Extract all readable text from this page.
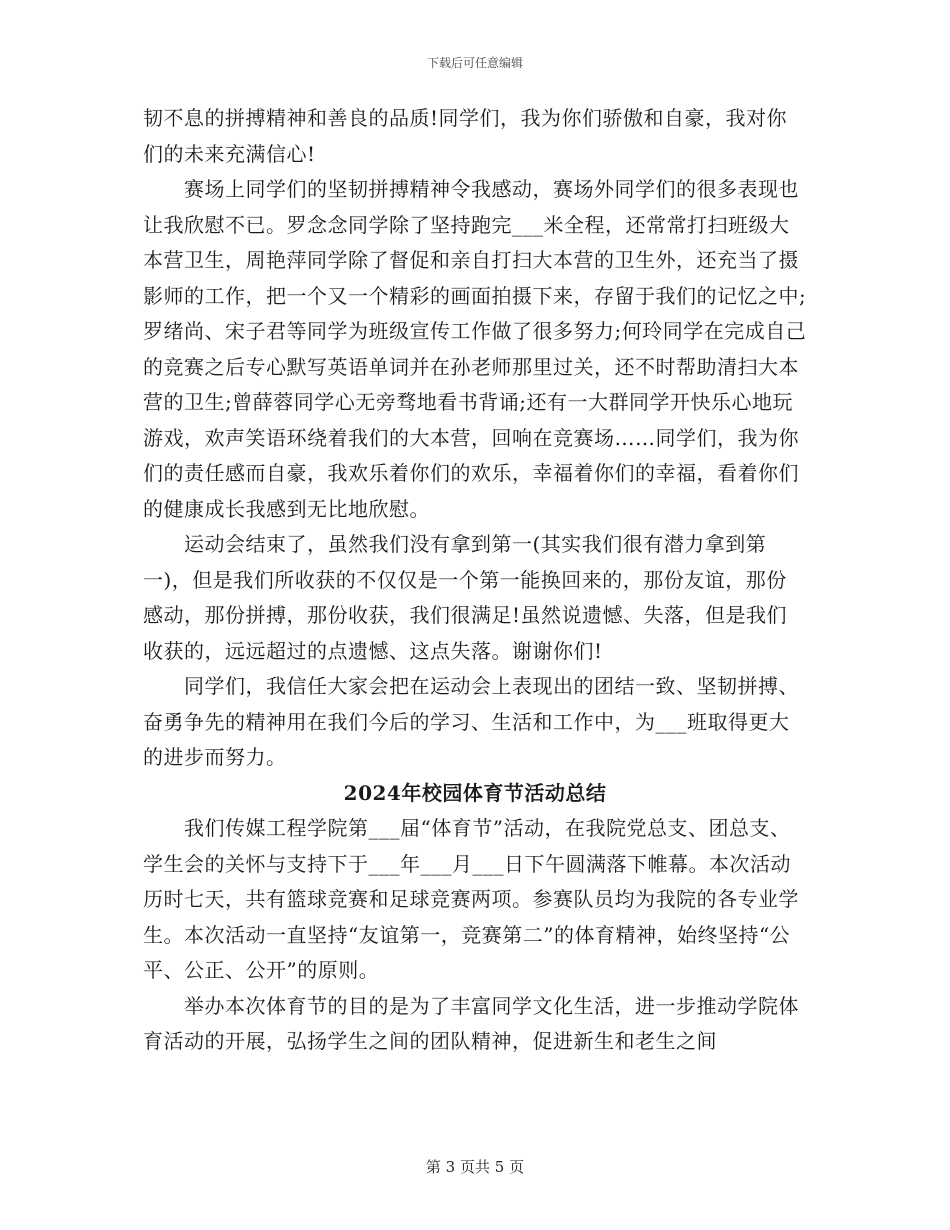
下载后可任意编辑

韧不息的拼搏精神和善良的品质!同学们，我为你们骄傲和自豪，我对你们的未来充满信心!

赛场上同学们的坚韧拼搏精神令我感动，赛场外同学们的很多表现也让我欣慰不已。罗念念同学除了坚持跑完___米全程，还常常打扫班级大本营卫生，周艳萍同学除了督促和亲自打扫大本营的卫生外，还充当了摄影师的工作，把一个又一个精彩的画面拍摄下来，存留于我们的记忆之中;罗绪尚、宋子君等同学为班级宣传工作做了很多努力;何玲同学在完成自己的竞赛之后专心默写英语单词并在孙老师那里过关，还不时帮助清扫大本营的卫生;曾薛蓉同学心无旁骛地看书背诵;还有一大群同学开快乐心地玩游戏，欢声笑语环绕着我们的大本营，回响在竞赛场……同学们，我为你们的责任感而自豪，我欢乐着你们的欢乐，幸福着你们的幸福，看着你们的健康成长我感到无比地欣慰。

运动会结束了，虽然我们没有拿到第一(其实我们很有潜力拿到第一)，但是我们所收获的不仅仅是一个第一能换回来的，那份友谊，那份感动，那份拼搏，那份收获，我们很满足!虽然说遗憾、失落，但是我们收获的，远远超过的点遗憾、这点失落。谢谢你们!

同学们，我信任大家会把在运动会上表现出的团结一致、坚韧拼搏、奋勇争先的精神用在我们今后的学习、生活和工作中，为___班取得更大的进步而努力。

2024年校园体育节活动总结

我们传媒工程学院第___届“体育节”活动，在我院党总支、团总支、学生会的关怀与支持下于___年___月___日下午圆满落下帷幕。本次活动历时七天，共有篮球竞赛和足球竞赛两项。参赛队员均为我院的各专业学生。本次活动一直坚持“友谊第一，竞赛第二”的体育精神，始终坚持“公平、公正、公开”的原则。

举办本次体育节的目的是为了丰富同学文化生活，进一步推动学院体育活动的开展，弘扬学生之间的团队精神，促进新生和老生之间

第 3 页共 5 页
